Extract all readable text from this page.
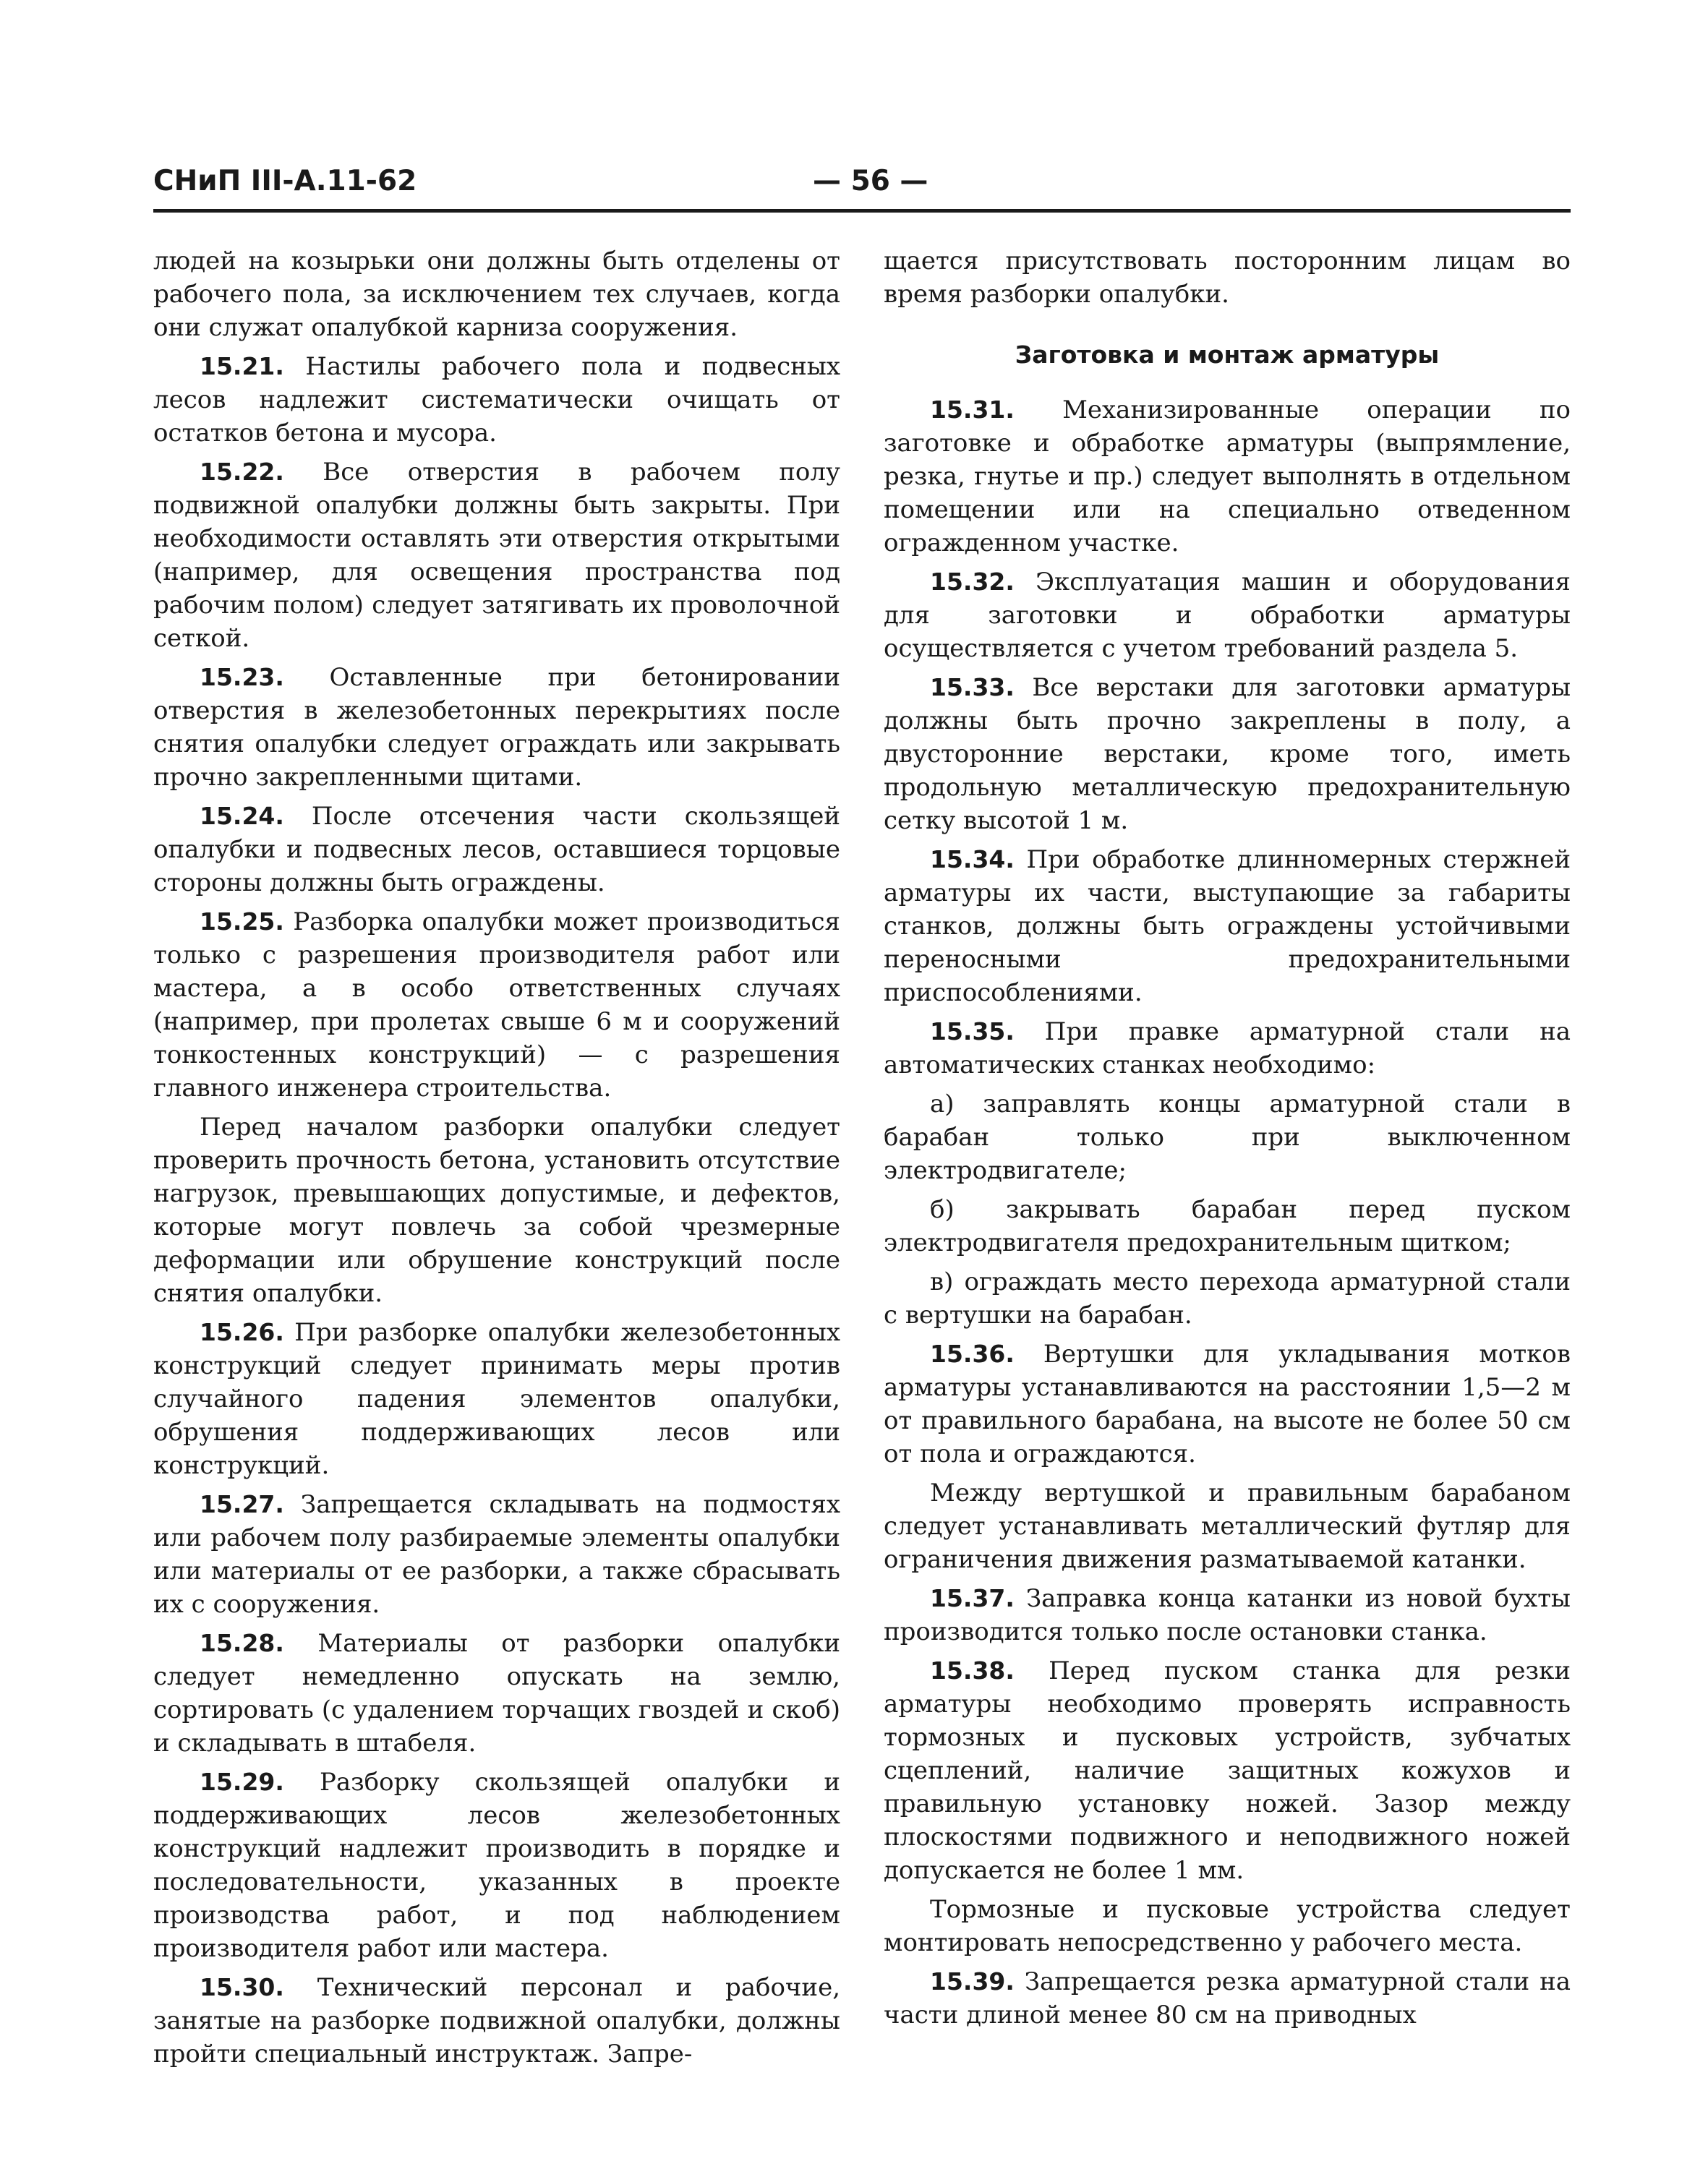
СНиП III-А.11-62	— 56 —

людей на козырьки они должны быть отделены от рабочего пола, за исключением тех случаев, когда они служат опалубкой карниза сооружения.

15.21. Настилы рабочего пола и подвесных лесов надлежит систематически очищать от остатков бетона и мусора.

15.22. Все отверстия в рабочем полу подвижной опалубки должны быть закрыты. При необходимости оставлять эти отверстия открытыми (например, для освещения пространства под рабочим полом) следует затягивать их проволочной сеткой.

15.23. Оставленные при бетонировании отверстия в железобетонных перекрытиях после снятия опалубки следует ограждать или закрывать прочно закрепленными щитами.

15.24. После отсечения части скользящей опалубки и подвесных лесов, оставшиеся торцовые стороны должны быть ограждены.

15.25. Разборка опалубки может производиться только с разрешения производителя работ или мастера, а в особо ответственных случаях (например, при пролетах свыше 6 м и сооружений тонкостенных конструкций) — с разрешения главного инженера строительства.

Перед началом разборки опалубки следует проверить прочность бетона, установить отсутствие нагрузок, превышающих допустимые, и дефектов, которые могут повлечь за собой чрезмерные деформации или обрушение конструкций после снятия опалубки.

15.26. При разборке опалубки железобетонных конструкций следует принимать меры против случайного падения элементов опалубки, обрушения поддерживающих лесов или конструкций.

15.27. Запрещается складывать на подмостях или рабочем полу разбираемые элементы опалубки или материалы от ее разборки, а также сбрасывать их с сооружения.

15.28. Материалы от разборки опалубки следует немедленно опускать на землю, сортировать (с удалением торчащих гвоздей и скоб) и складывать в штабеля.

15.29. Разборку скользящей опалубки и поддерживающих лесов железобетонных конструкций надлежит производить в порядке и последовательности, указанных в проекте производства работ, и под наблюдением производителя работ или мастера.

15.30. Технический персонал и рабочие, занятые на разборке подвижной опалубки, должны пройти специальный инструктаж. Запре-

щается присутствовать посторонним лицам во время разборки опалубки.

Заготовка и монтаж арматуры

15.31. Механизированные операции по заготовке и обработке арматуры (выпрямление, резка, гнутье и пр.) следует выполнять в отдельном помещении или на специально отведенном огражденном участке.

15.32. Эксплуатация машин и оборудования для заготовки и обработки арматуры осуществляется с учетом требований раздела 5.

15.33. Все верстаки для заготовки арматуры должны быть прочно закреплены в полу, а двусторонние верстаки, кроме того, иметь продольную металлическую предохранительную сетку высотой 1 м.

15.34. При обработке длинномерных стержней арматуры их части, выступающие за габариты станков, должны быть ограждены устойчивыми переносными предохранительными приспособлениями.

15.35. При правке арматурной стали на автоматических станках необходимо:

а) заправлять концы арматурной стали в барабан только при выключенном электродвигателе;

б) закрывать барабан перед пуском электродвигателя предохранительным щитком;

в) ограждать место перехода арматурной стали с вертушки на барабан.

15.36. Вертушки для укладывания мотков арматуры устанавливаются на расстоянии 1,5—2 м от правильного барабана, на высоте не более 50 см от пола и ограждаются.

Между вертушкой и правильным барабаном следует устанавливать металлический футляр для ограничения движения разматываемой катанки.

15.37. Заправка конца катанки из новой бухты производится только после остановки станка.

15.38. Перед пуском станка для резки арматуры необходимо проверять исправность тормозных и пусковых устройств, зубчатых сцеплений, наличие защитных кожухов и правильную установку ножей. Зазор между плоскостями подвижного и неподвижного ножей допускается не более 1 мм.

Тормозные и пусковые устройства следует монтировать непосредственно у рабочего места.

15.39. Запрещается резка арматурной стали на части длиной менее 80 см на приводных
